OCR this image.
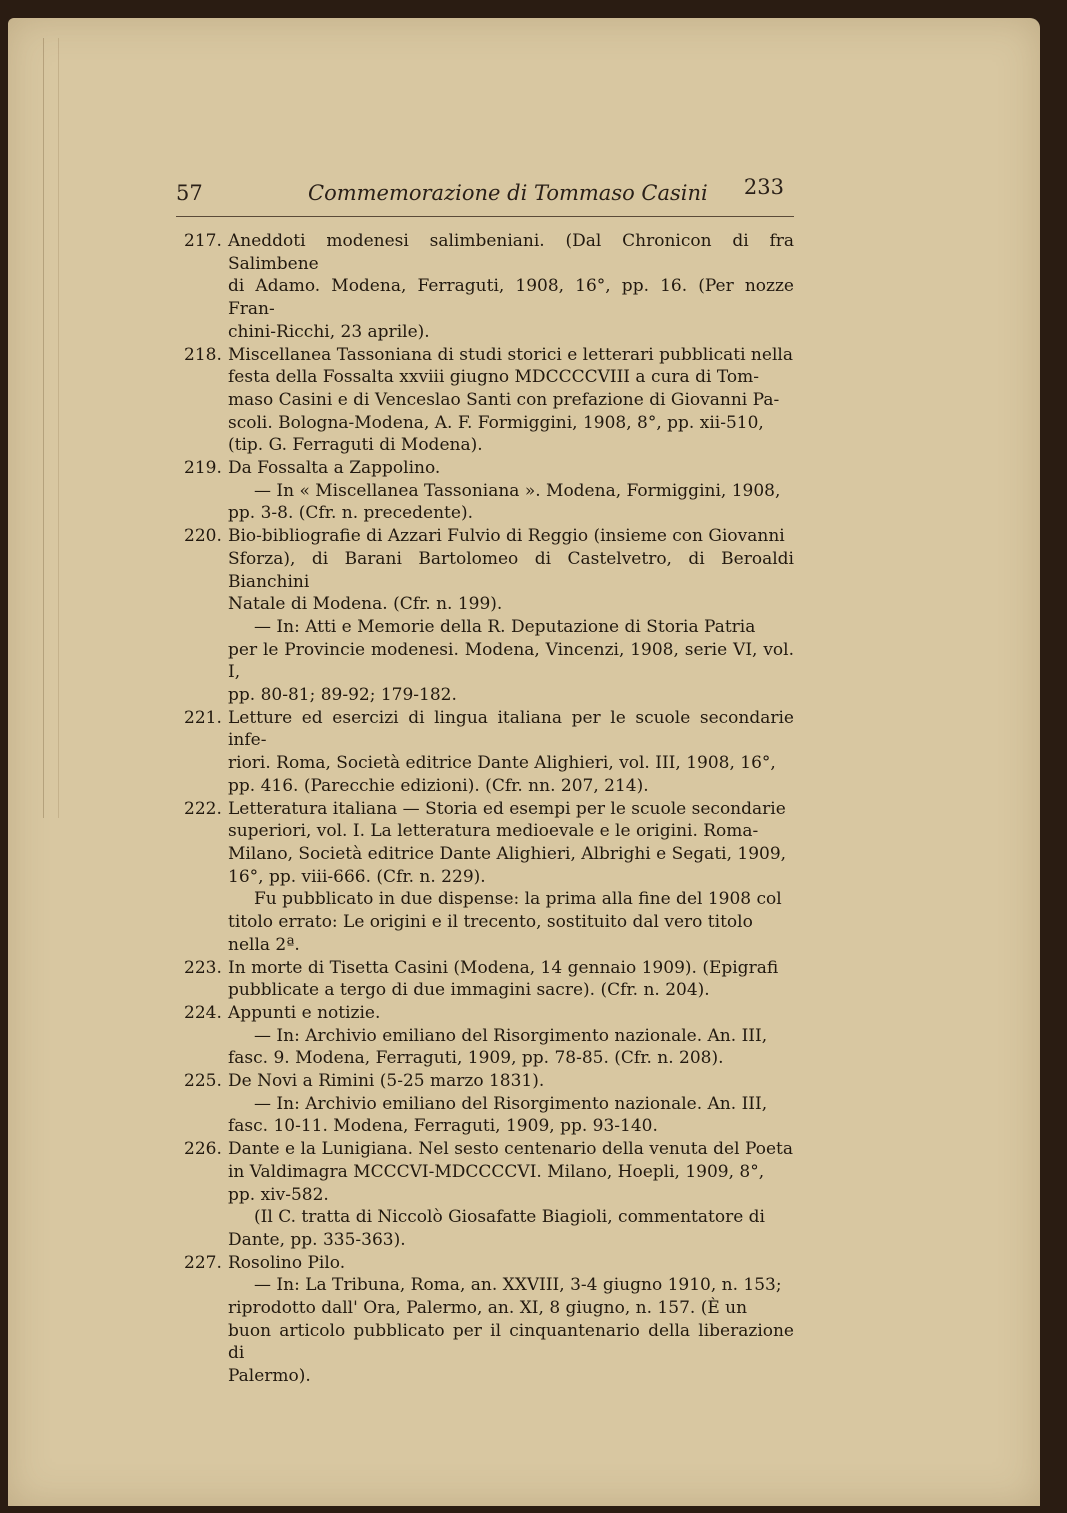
57	Commemorazione di Tommaso Casini 233
217. Aneddoti modenesi salimbeniani. (Dal Chronicon di fra Salimbene
di Adamo. Modena, Ferraguti, 1908, 16°, pp. 16. (Per nozze Fran-
chini-Ricchi, 23 aprile).
218. Miscellanea Tassoniana di studi storici e letterari pubblicati nella
festa della Fossalta xxviii giugno MDCCCCVIII a cura di Tom-
maso Casini e di Venceslao Santi con prefazione di Giovanni Pa-
scoli. Bologna-Modena, A. F. Formiggini, 1908, 8°, pp. xii-510,
(tip. G. Ferraguti di Modena).
219. Da Fossalta a Zappolino.
— In « Miscellanea Tassoniana ». Modena, Formiggini, 1908,
pp. 3-8. (Cfr. n. precedente).
220. Bio-bibliografie di Azzari Fulvio di Reggio (insieme con Giovanni
Sforza), di Barani Bartolomeo di Castelvetro, di Beroaldi Bianchini
Natale di Modena. (Cfr. n. 199).
— In: Atti e Memorie della R. Deputazione di Storia Patria
per le Provincie modenesi. Modena, Vincenzi, 1908, serie VI, vol. I,
pp. 80-81; 89-92; 179-182.
221. Letture ed esercizi di lingua italiana per le scuole secondarie infe-
riori. Roma, Società editrice Dante Alighieri, vol. III, 1908, 16°,
pp. 416. (Parecchie edizioni). (Cfr. nn. 207, 214).
222. Letteratura italiana — Storia ed esempi per le scuole secondarie
superiori, vol. I. La letteratura medioevale e le origini. Roma-
Milano, Società editrice Dante Alighieri, Albrighi e Segati, 1909,
16°, pp. viii-666. (Cfr. n. 229).
Fu pubblicato in due dispense: la prima alla fine del 1908 col
titolo errato: Le origini e il trecento, sostituito dal vero titolo
nella 2ª.
223. In morte di Tisetta Casini (Modena, 14 gennaio 1909). (Epigrafi
pubblicate a tergo di due immagini sacre). (Cfr. n. 204).
224. Appunti e notizie.
— In: Archivio emiliano del Risorgimento nazionale. An. III,
fasc. 9. Modena, Ferraguti, 1909, pp. 78-85. (Cfr. n. 208).
225. De Novi a Rimini (5-25 marzo 1831).
— In: Archivio emiliano del Risorgimento nazionale. An. III,
fasc. 10-11. Modena, Ferraguti, 1909, pp. 93-140.
226. Dante e la Lunigiana. Nel sesto centenario della venuta del Poeta
in Valdimagra MCCCVI-MDCCCCVI. Milano, Hoepli, 1909, 8°,
pp. xiv-582.
(Il C. tratta di Niccolò Giosafatte Biagioli, commentatore di
Dante, pp. 335-363).
227. Rosolino Pilo.
— In: La Tribuna, Roma, an. XXVIII, 3-4 giugno 1910, n. 153;
riprodotto dall' Ora, Palermo, an. XI, 8 giugno, n. 157. (È un
buon articolo pubblicato per il cinquantenario della liberazione di
Palermo).
